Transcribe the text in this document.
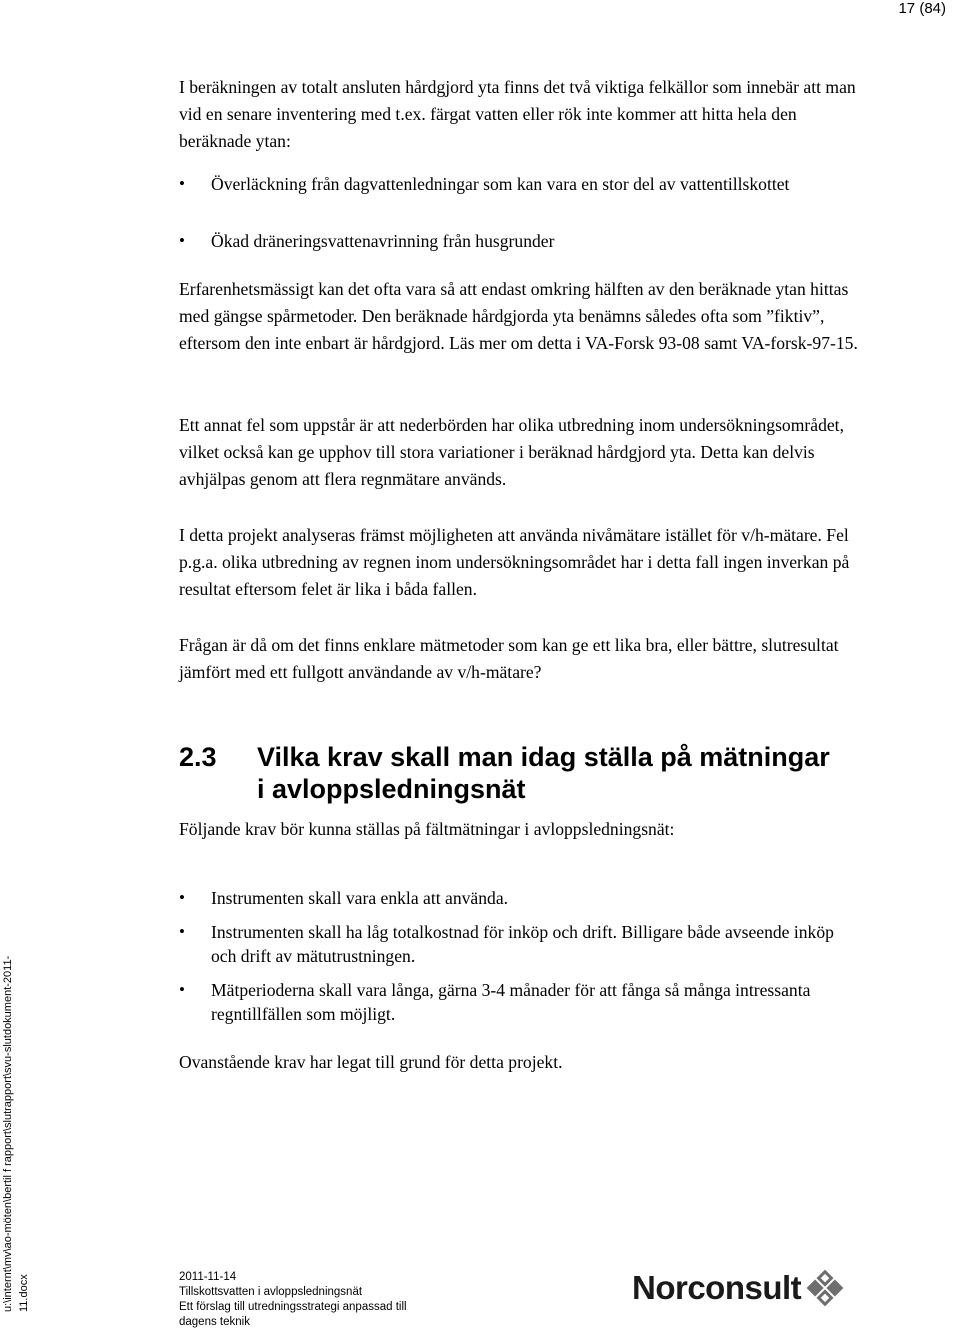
17 (84)

I beräkningen av totalt ansluten hårdgjord yta finns det två viktiga felkällor som innebär att man vid en senare inventering med t.ex. färgat vatten eller rök inte kommer att hitta hela den beräknade ytan:

• Överläckning från dagvattenledningar som kan vara en stor del av vattentillskottet
• Ökad dräneringsvattenavrinning från husgrunder

Erfarenhetsmässigt kan det ofta vara så att endast omkring hälften av den beräknade ytan hittas med gängse spårmetoder. Den beräknade hårdgjorda yta benämns således ofta som ”fiktiv”, eftersom den inte enbart är hårdgjord. Läs mer om detta i VA-Forsk 93-08 samt VA-forsk-97-15.

Ett annat fel som uppstår är att nederbörden har olika utbredning inom undersökningsområdet, vilket också kan ge upphov till stora variationer i beräknad hårdgjord yta. Detta kan delvis avhjälpas genom att flera regnmätare används.

I detta projekt analyseras främst möjligheten att använda nivåmätare istället för v/h-mätare. Fel p.g.a. olika utbredning av regnen inom undersökningsområdet har i detta fall ingen inverkan på resultat eftersom felet är lika i båda fallen.

Frågan är då om det finns enklare mätmetoder som kan ge ett lika bra, eller bättre, slutresultat jämfört med ett fullgott användande av v/h-mätare?

2.3 Vilka krav skall man idag ställa på mätningar
i avloppsledningsnät

Följande krav bör kunna ställas på fältmätningar i avloppsledningsnät:

• Instrumenten skall vara enkla att använda.
• Instrumenten skall ha låg totalkostnad för inköp och drift. Billigare både avseende inköp och drift av mätutrustningen.
• Mätperioderna skall vara långa, gärna 3-4 månader för att fånga så många intressanta regntillfällen som möjligt.

Ovanstående krav har legat till grund för detta projekt.

u:\internt\mv\ao-möten\bertil f rapport\slutrapport\svu-slutdokument-2011- 11.docx	2011-11-14
Tillskottsvatten i avloppsledningsnät
Ett förslag till utredningsstrategi anpassad till
dagens teknik
Norconsult
